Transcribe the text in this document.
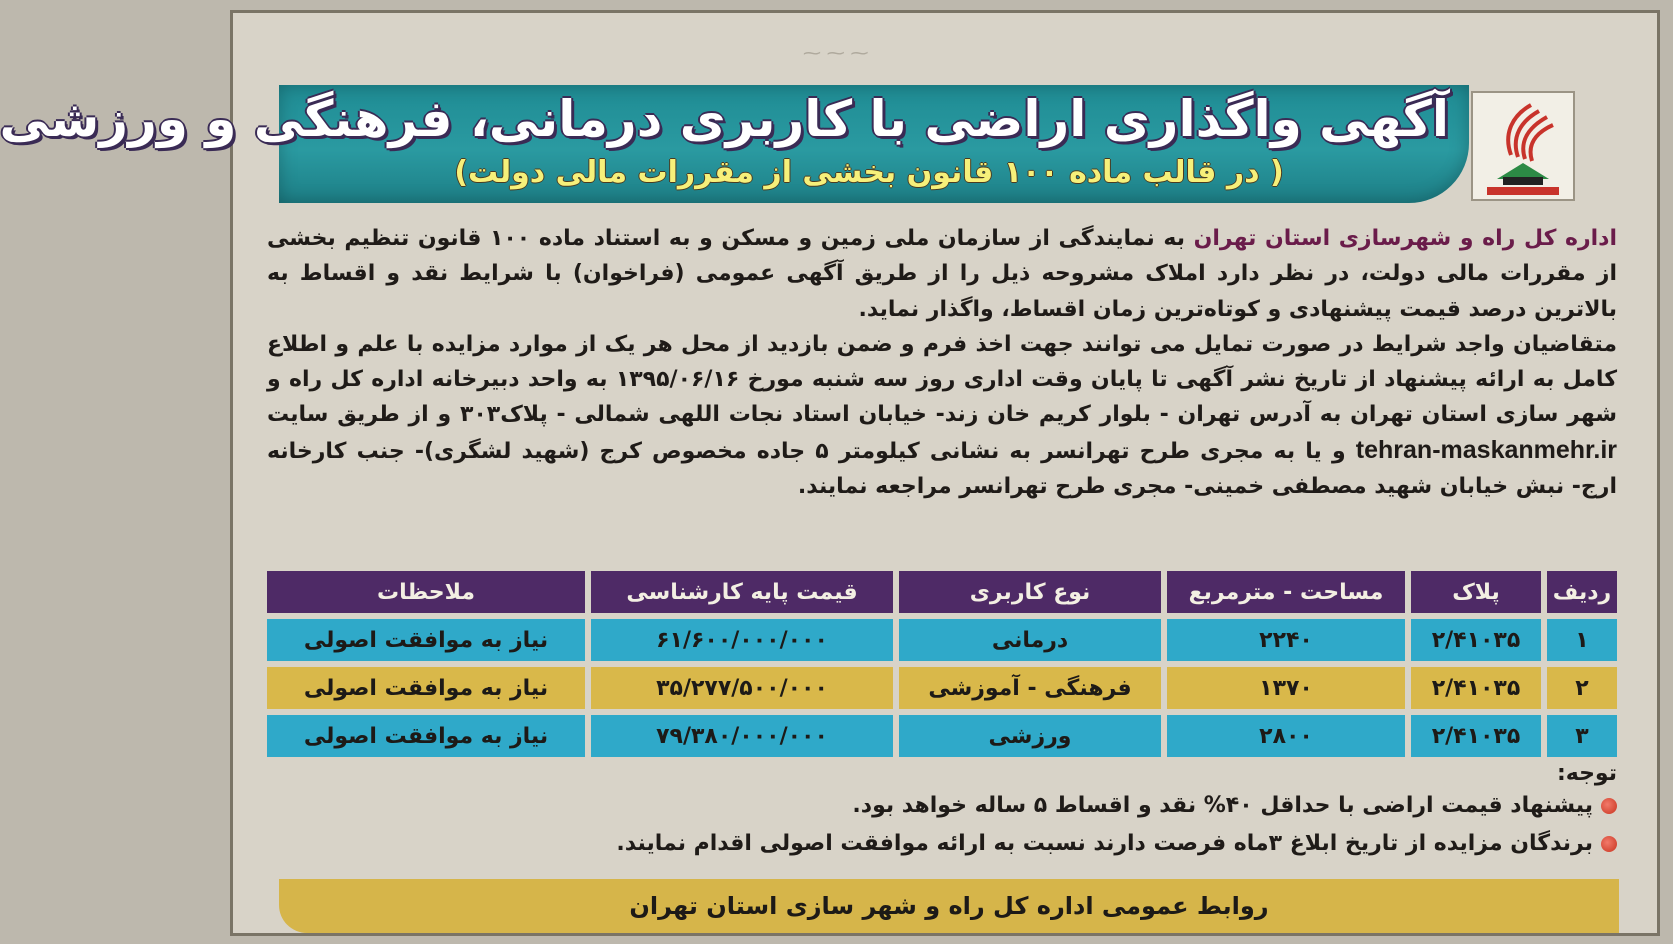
آگهی واگذاری اراضی با کاربری درمانی، فرهنگی و ورزشی
( در قالب ماده ۱۰۰ قانون بخشی از مقررات مالی دولت)
⁓ ⁓ ⁓
اداره کل راه و شهرسازی استان تهران به نمایندگی از سازمان ملی زمین و مسکن و به استناد ماده ۱۰۰ قانون تنظیم بخشی از مقررات مالی دولت، در نظر دارد املاک مشروحه ذیل را از طریق آگهی عمومی (فراخوان) با شرایط نقد و اقساط به بالاترین درصد قیمت پیشنهادی و کوتاه‌ترین زمان اقساط، واگذار نماید.
متقاضیان واجد شرایط در صورت تمایل می توانند جهت اخذ فرم و ضمن بازدید از محل هر یک از موارد مزایده با علم و اطلاع کامل به ارائه پیشنهاد از تاریخ نشر آگهی تا پایان وقت اداری روز سه شنبه مورخ ۱۳۹۵/۰۶/۱۶ به واحد دبیرخانه اداره کل راه و شهر سازی استان تهران به آدرس تهران - بلوار کریم خان زند- خیابان استاد نجات اللهی شمالی - پلاک۳۰۳ و از طریق سایت tehran-maskanmehr.ir و یا به مجری طرح تهرانسر به نشانی کیلومتر ۵ جاده مخصوص کرج (شهید لشگری)- جنب کارخانه ارج- نبش خیابان شهید مصطفی خمینی- مجری طرح تهرانسر مراجعه نمایند.
ردیف	پلاک	مساحت - مترمربع	نوع کاربری	قیمت پایه کارشناسی	ملاحظات
۱	۲/۴۱۰۳۵	۲۲۴۰	درمانی	۶۱/۶۰۰/۰۰۰/۰۰۰	نیاز به موافقت اصولی
۲	۲/۴۱۰۳۵	۱۳۷۰	فرهنگی - آموزشی	۳۵/۲۷۷/۵۰۰/۰۰۰	نیاز به موافقت اصولی
۳	۲/۴۱۰۳۵	۲۸۰۰	ورزشی	۷۹/۳۸۰/۰۰۰/۰۰۰	نیاز به موافقت اصولی
توجه:
پیشنهاد قیمت اراضی با حداقل ۴۰% نقد و اقساط ۵ ساله خواهد بود.
برندگان مزایده از تاریخ ابلاغ ۳ماه فرصت دارند نسبت به ارائه موافقت اصولی اقدام نمایند.
روابط عمومی اداره کل راه و شهر سازی استان تهران
